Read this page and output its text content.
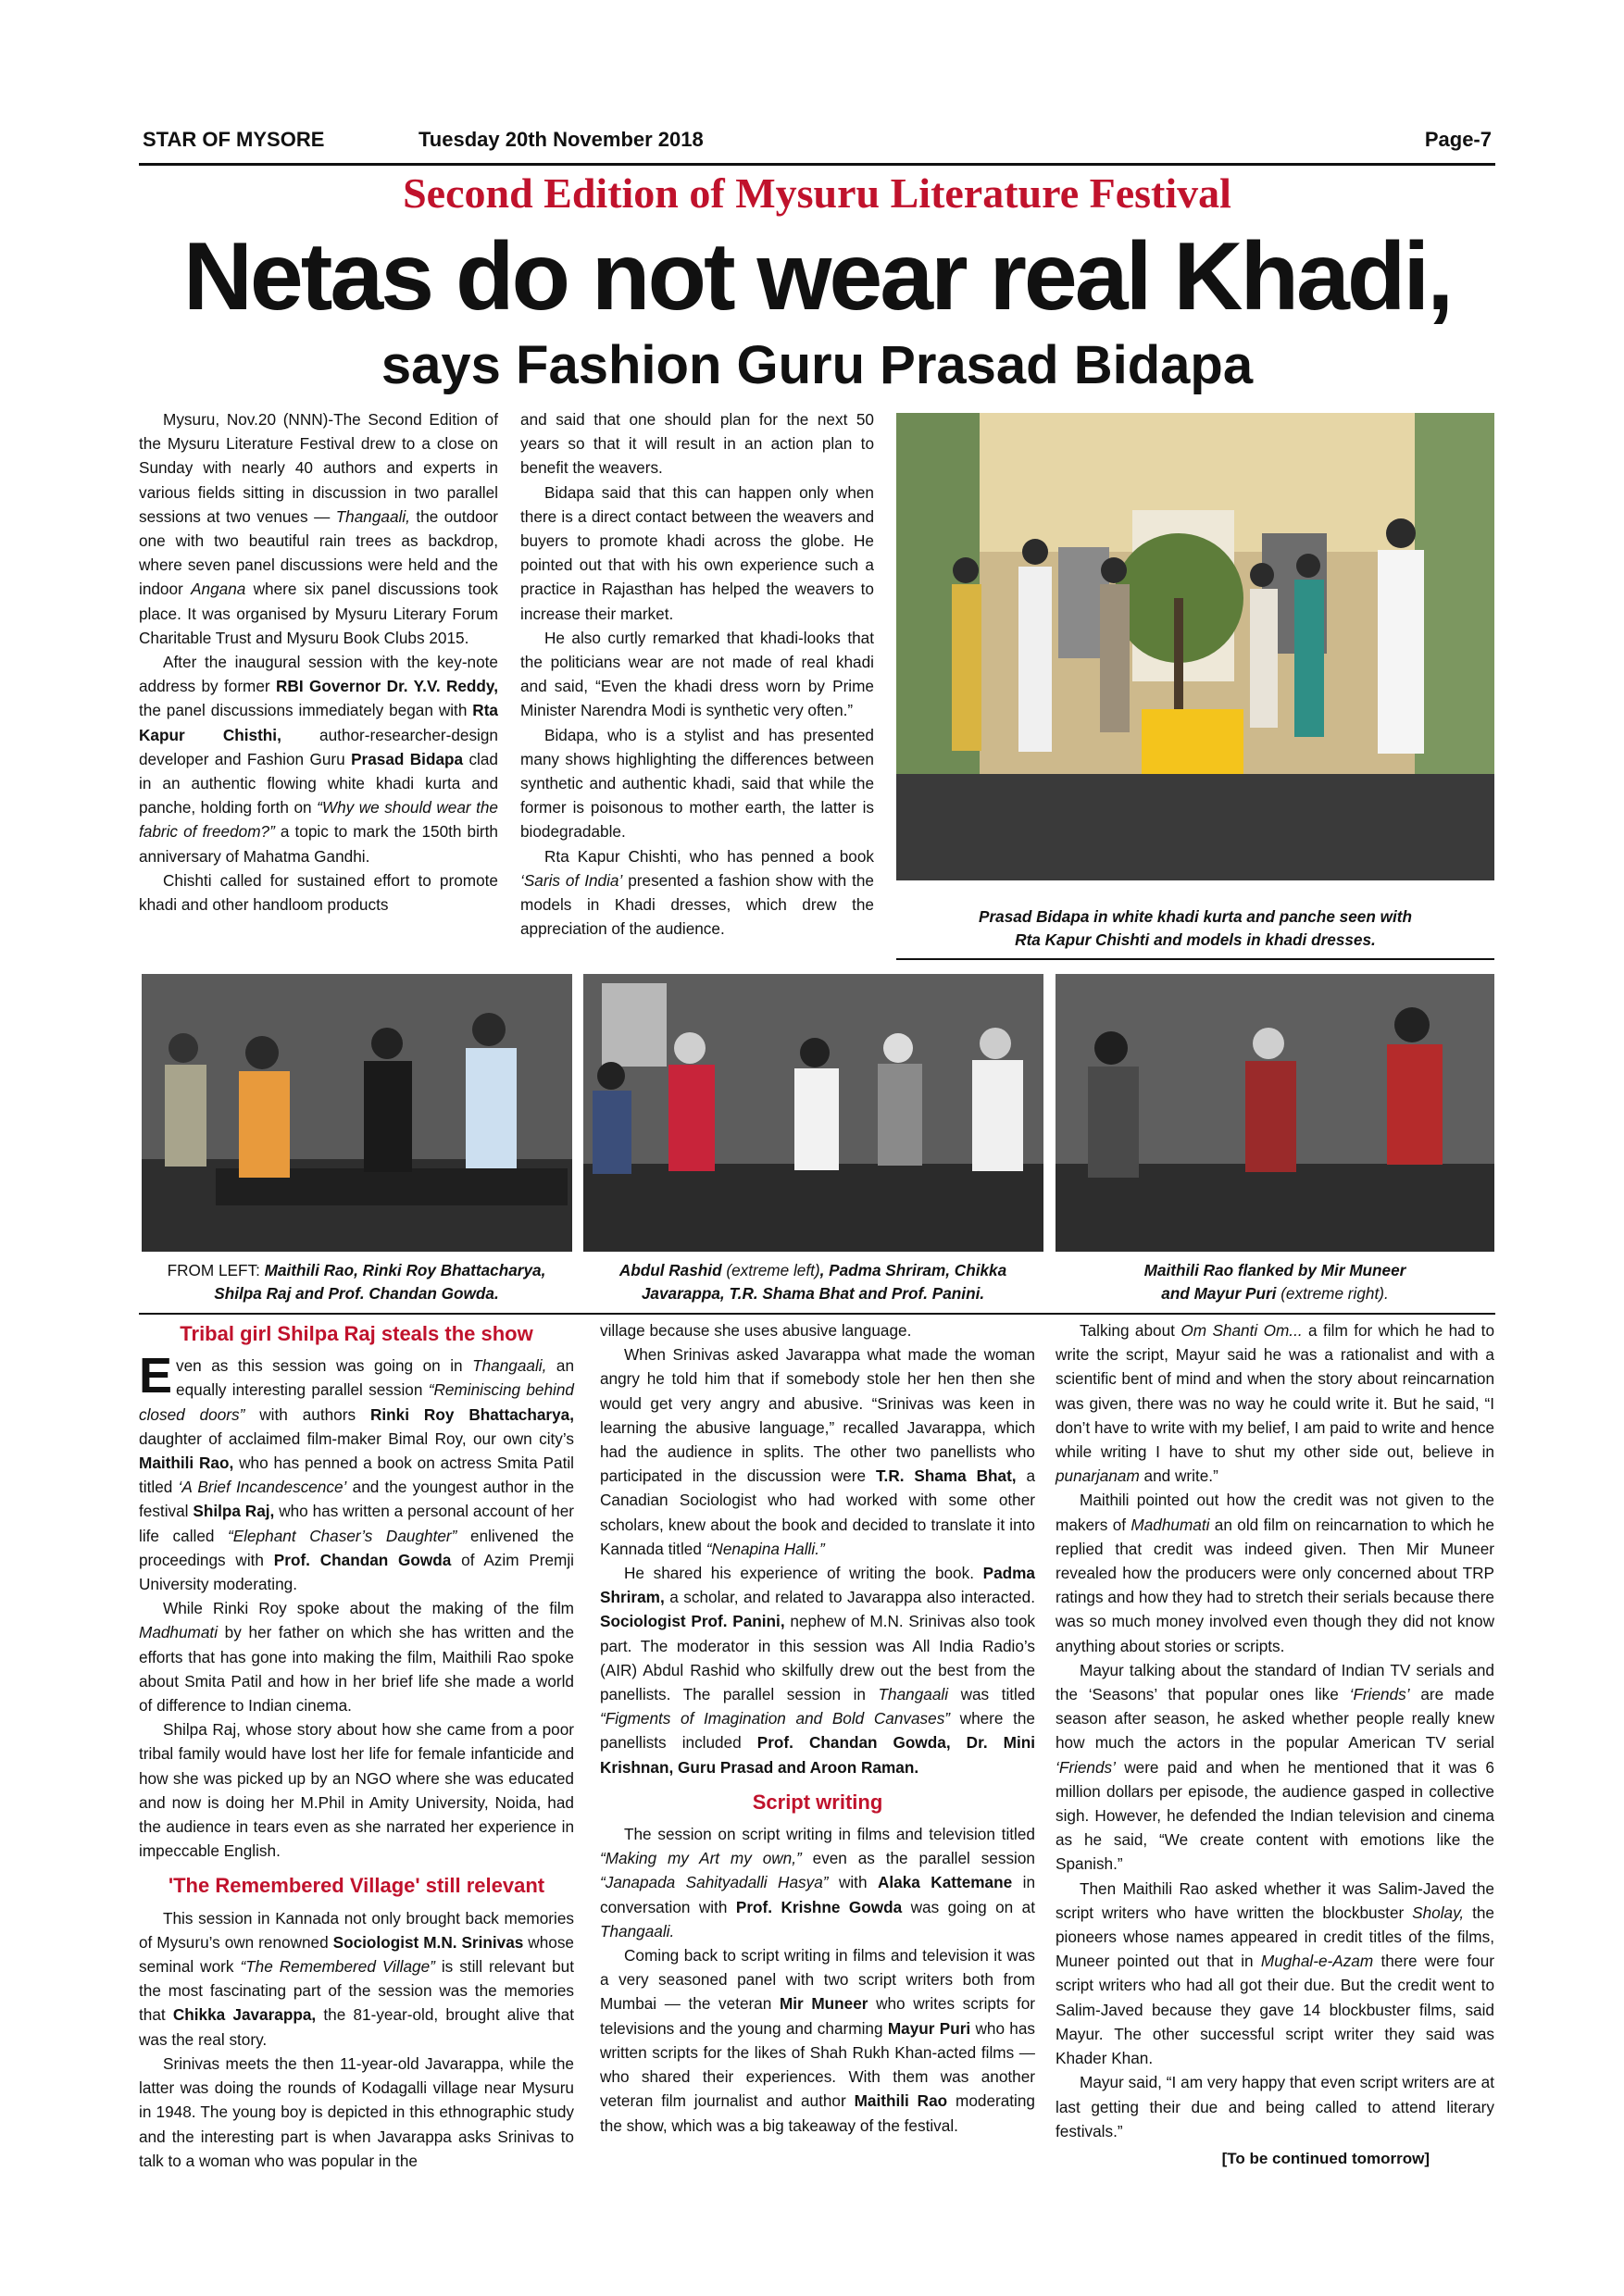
STAR OF MYSORE	Tuesday 20th November 2018	Page-7
Second Edition of Mysuru Literature Festival
Netas do not wear real Khadi,
says Fashion Guru Prasad Bidapa

Mysuru, Nov.20 (NNN)-The Second Edition of the Mysuru Literature Festival drew to a close on Sunday with nearly 40 authors and experts in various fields sitting in discussion in two parallel sessions at two venues — Thangaali, the outdoor one with two beautiful rain trees as backdrop, where seven panel discussions were held and the indoor Angana where six panel discussions took place. It was organised by Mysuru Literary Forum Charitable Trust and Mysuru Book Clubs 2015.

After the inaugural session with the key-note address by former RBI Governor Dr. Y.V. Reddy, the panel discussions immediately began with Rta Kapur Chisthi, author-researcher-design developer and Fashion Guru Prasad Bidapa clad in an authentic flowing white khadi kurta and panche, holding forth on “Why we should wear the fabric of freedom?” a topic to mark the 150th birth anniversary of Mahatma Gandhi.

Chishti called for sustained effort to promote khadi and other handloom products

and said that one should plan for the next 50 years so that it will result in an action plan to benefit the weavers.

Bidapa said that this can happen only when there is a direct contact between the weavers and buyers to promote khadi across the globe. He pointed out that with his own experience such a practice in Rajasthan has helped the weavers to increase their market.

He also curtly remarked that khadi-looks that the politicians wear are not made of real khadi and said, “Even the khadi dress worn by Prime Minister Narendra Modi is synthetic very often.”

Bidapa, who is a stylist and has presented many shows highlighting the differences between synthetic and authentic khadi, said that while the former is poisonous to mother earth, the latter is biodegradable.

Rta Kapur Chishti, who has penned a book ‘Saris of India’ presented a fashion show with the models in Khadi dresses, which drew the appreciation of the audience.

Prasad Bidapa in white khadi kurta and panche seen with
Rta Kapur Chishti and models in khadi dresses.
FROM LEFT: Maithili Rao, Rinki Roy Bhattacharya,
Shilpa Raj and Prof. Chandan Gowda.
Abdul Rashid (extreme left), Padma Shriram, Chikka
Javarappa, T.R. Shama Bhat and Prof. Panini.
Maithili Rao flanked by Mir Muneer
and Mayur Puri (extreme right).
Tribal girl Shilpa Raj steals the show

Even as this session was going on in Thangaali, an equally interesting parallel session “Reminiscing behind closed doors” with authors Rinki Roy Bhattacharya, daughter of acclaimed film-maker Bimal Roy, our own city’s Maithili Rao, who has penned a book on actress Smita Patil titled ‘A Brief Incandescence’ and the youngest author in the festival Shilpa Raj, who has written a personal account of her life called “Elephant Chaser’s Daughter” enlivened the proceedings with Prof. Chandan Gowda of Azim Premji University moderating.

While Rinki Roy spoke about the making of the film Madhumati by her father on which she has written and the efforts that has gone into making the film, Maithili Rao spoke about Smita Patil and how in her brief life she made a world of difference to Indian cinema.

Shilpa Raj, whose story about how she came from a poor tribal family would have lost her life for female infanticide and how she was picked up by an NGO where she was educated and now is doing her M.Phil in Amity University, Noida, had the audience in tears even as she narrated her experience in impeccable English.

'The Remembered Village' still relevant

This session in Kannada not only brought back memories of Mysuru’s own renowned Sociologist M.N. Srinivas whose seminal work “The Remembered Village” is still relevant but the most fascinating part of the session was the memories that Chikka Javarappa, the 81-year-old, brought alive that was the real story.

Srinivas meets the then 11-year-old Javarappa, while the latter was doing the rounds of Kodagalli village near Mysuru in 1948. The young boy is depicted in this ethnographic study and the interesting part is when Javarappa asks Srinivas to talk to a woman who was popular in the

village because she uses abusive language.

When Srinivas asked Javarappa what made the woman angry he told him that if somebody stole her hen then she would get very angry and abusive. “Srinivas was keen in learning the abusive language,” recalled Javarappa, which had the audience in splits. The other two panellists who participated in the discussion were T.R. Shama Bhat, a Canadian Sociologist who had worked with some other scholars, knew about the book and decided to translate it into Kannada titled “Nenapina Halli.”

He shared his experience of writing the book. Padma Shriram, a scholar, and related to Javarappa also interacted. Sociologist Prof. Panini, nephew of M.N. Srinivas also took part. The moderator in this session was All India Radio’s (AIR) Abdul Rashid who skilfully drew out the best from the panellists. The parallel session in Thangaali was titled “Figments of Imagination and Bold Canvases” where the panellists included Prof. Chandan Gowda, Dr. Mini Krishnan, Guru Prasad and Aroon Raman.

Script writing

The session on script writing in films and television titled “Making my Art my own,” even as the parallel session “Janapada Sahityadalli Hasya” with Alaka Kattemane in conversation with Prof. Krishne Gowda was going on at Thangaali.

Coming back to script writing in films and television it was a very seasoned panel with two script writers both from Mumbai — the veteran Mir Muneer who writes scripts for televisions and the young and charming Mayur Puri who has written scripts for the likes of Shah Rukh Khan-acted films — who shared their experiences. With them was another veteran film journalist and author Maithili Rao moderating the show, which was a big takeaway of the festival.

Talking about Om Shanti Om... a film for which he had to write the script, Mayur said he was a rationalist and with a scientific bent of mind and when the story about reincarnation was given, there was no way he could write it. But he said, “I don’t have to write with my belief, I am paid to write and hence while writing I have to shut my other side out, believe in punarjanam and write.”

Maithili pointed out how the credit was not given to the makers of Madhumati an old film on reincarnation to which he replied that credit was indeed given. Then Mir Muneer revealed how the producers were only concerned about TRP ratings and how they had to stretch their serials because there was so much money involved even though they did not know anything about stories or scripts.

Mayur talking about the standard of Indian TV serials and the ‘Seasons’ that popular ones like ‘Friends’ are made season after season, he asked whether people really knew how much the actors in the popular American TV serial ‘Friends’ were paid and when he mentioned that it was 6 million dollars per episode, the audience gasped in collective sigh. However, he defended the Indian television and cinema as he said, “We create content with emotions like the Spanish.”

Then Maithili Rao asked whether it was Salim-Javed the script writers who have written the blockbuster Sholay, the pioneers whose names appeared in credit titles of the films, Muneer pointed out that in Mughal-e-Azam there were four script writers who had all got their due. But the credit went to Salim-Javed because they gave 14 blockbuster films, said Mayur. The other successful script writer they said was Khader Khan.

Mayur said, “I am very happy that even script writers are at last getting their due and being called to attend literary festivals.”

[To be continued tomorrow]
